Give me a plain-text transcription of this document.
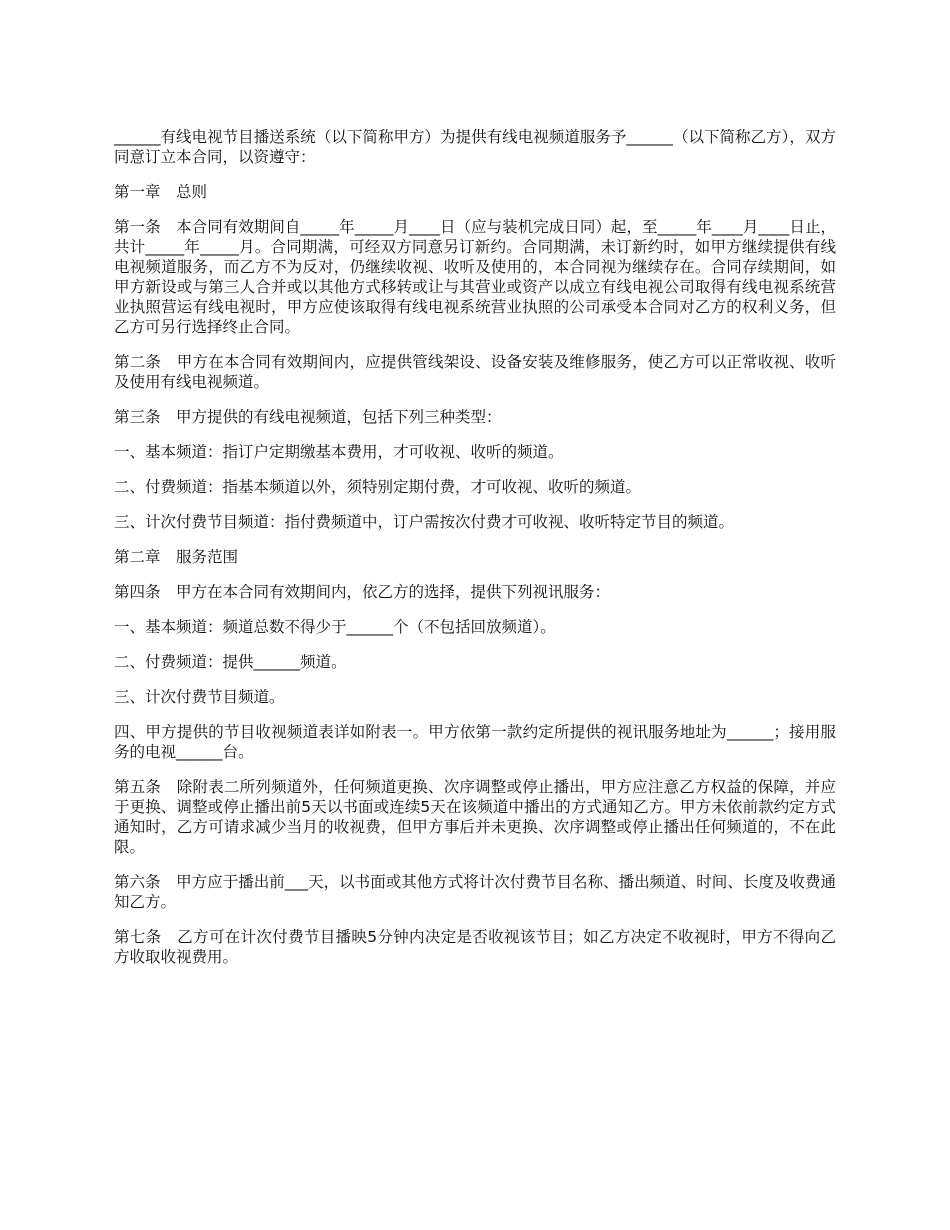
______有线电视节目播送系统（以下简称甲方）为提供有线电视频道服务予______（以下简称乙方），双方同意订立本合同，以资遵守：

第一章　总则

第一条　本合同有效期间自_____年_____月____日（应与装机完成日同）起，至_____年____月____日止，共计_____年_____月。合同期满，可经双方同意另订新约。合同期满，未订新约时，如甲方继续提供有线电视频道服务，而乙方不为反对，仍继续收视、收听及使用的，本合同视为继续存在。合同存续期间，如甲方新设或与第三人合并或以其他方式移转或让与其营业或资产以成立有线电视公司取得有线电视系统营业执照营运有线电视时，甲方应使该取得有线电视系统营业执照的公司承受本合同对乙方的权利义务，但乙方可另行选择终止合同。

第二条　甲方在本合同有效期间内，应提供管线架设、设备安装及维修服务，使乙方可以正常收视、收听及使用有线电视频道。

第三条　甲方提供的有线电视频道，包括下列三种类型：

一、基本频道：指订户定期缴基本费用，才可收视、收听的频道。

二、付费频道：指基本频道以外，须特别定期付费，才可收视、收听的频道。

三、计次付费节目频道：指付费频道中，订户需按次付费才可收视、收听特定节目的频道。

第二章　服务范围

第四条　甲方在本合同有效期间内，依乙方的选择，提供下列视讯服务：

一、基本频道：频道总数不得少于______个（不包括回放频道）。

二、付费频道：提供______频道。

三、计次付费节目频道。

四、甲方提供的节目收视频道表详如附表一。甲方依第一款约定所提供的视讯服务地址为______；接用服务的电视______台。

第五条　除附表二所列频道外，任何频道更换、次序调整或停止播出，甲方应注意乙方权益的保障，并应于更换、调整或停止播出前5天以书面或连续5天在该频道中播出的方式通知乙方。甲方未依前款约定方式通知时，乙方可请求减少当月的收视费，但甲方事后并未更换、次序调整或停止播出任何频道的，不在此限。

第六条　甲方应于播出前___天，以书面或其他方式将计次付费节目名称、播出频道、时间、长度及收费通知乙方。

第七条　乙方可在计次付费节目播映5分钟内决定是否收视该节目；如乙方决定不收视时，甲方不得向乙方收取收视费用。
